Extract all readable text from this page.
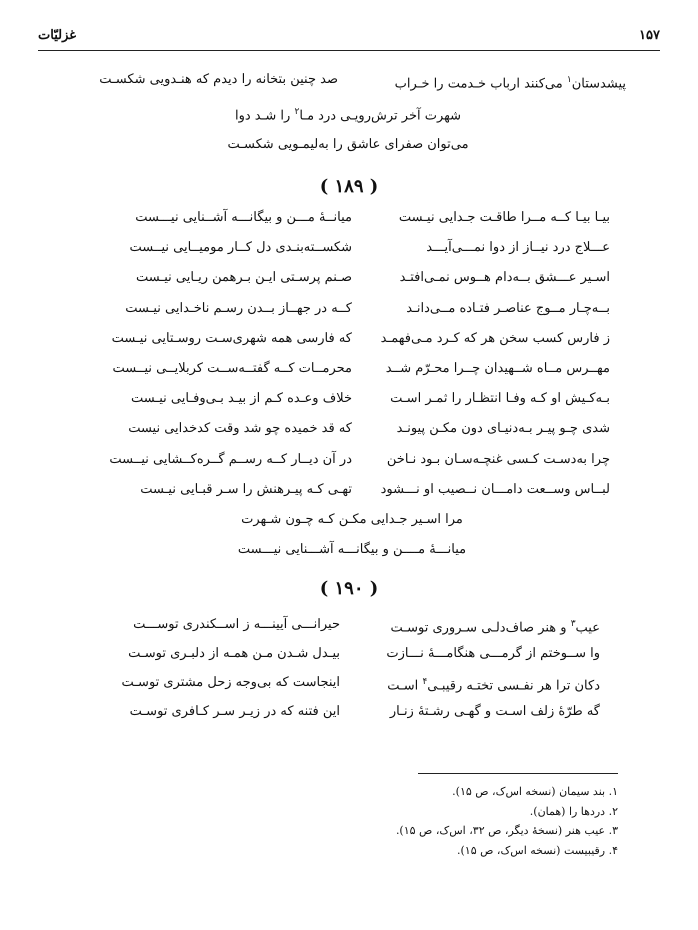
۱۵۷
غزلیّات
پیشدستان$^۱$ می‌کنند ارباب خـدمت را خـراب
صد چنین بتخانه را دیدم که هنـدویی شکسـت
شهرت آخر ترش‌رویـی درد مـا$^۲$ را شـد دوا
می‌توان صفرای عاشق را به‌لیمـویی شکسـت
( ۱۸۹ )
بیـا بیـا کــه مــرا طاقـت جـدایی نیـست
میانــۀ مـــن و بیگانـــه آشــنایی نیـــست
عـــلاج درد نیــاز از دوا نمـــی‌آیـــد
شکســته‌بنـدی دل کــار مومیــایی نیــست
اسـیر عـــشق بــه‌دام هــوس نمـی‌افتـد
صـنم پرسـتی ایـن بـرهمن ریـایی نیـست
بــه‌چـار مــوج عناصـر فتـاده مــی‌دانـد
کــه در جهــاز بــدن رسـم ناخـدایی نیـست
ز فارس کسب سخن هر که کـرد مـی‌فهمـد
که فارسی همه شهری‌سـت روسـتایی نیـست
مهــرس مــاه شــهیدان چــرا محـرّم شــد
محرمــات کــه گفتــه‌ســت کربلایــی نیــست
بـه‌کـیش او کـه وفـا انتظـار را ثمـر اسـت
خلاف وعـده کـم از بیـد بـی‌وفـایی نیـست
شدی چـو پیـر بـه‌دنیـای دون مکـن پیونـد
که قد خمیده چو شد وقت کدخدایی نیست
چرا به‌دسـت کـسی غنچـه‌سـان بـود نـاخن
در آن دیــار کــه رســم گــره‌کــشایی نیــست
لبــاس وســعت دامـــان نــصیب او نـــشود
تهـی کـه پیـرهنش را سـر قبـایی نیـست
مرا اسـیر جـدایی مکـن کـه چـون شـهرت
میانـــۀ مــــن و بیگانـــه آشـــنایی نیـــست
( ۱۹۰ )
عیب$^۳$ و هنر صاف‌دلـی سـروری توسـت
حیرانـــی آیینـــه ز اســکندری توســـت
وا ســوختم از گرمـــی هنگامـــۀ نـــازت
بیـدل شـدن مـن همـه از دلبـری توسـت
دکان ترا هر نفـسی تختـه رقیبـی$^۴$ اسـت
اینجاست که بی‌وجه زحل مشتری توسـت
گه طرّۀ زلف اسـت و گهـی رشـتۀ زنـار
این فتنه که در زیـر سـر کـافری توسـت
۱. بند سیمان (نسخه اس‌ک، ص ۱۵).
۲. دردها را (همان).
۳. عیب هنر (نسخۀ دیگر، ص ۳۲، اس‌ک، ص ۱۵).
۴. رقیبیست (نسخه اس‌ک، ص ۱۵).
